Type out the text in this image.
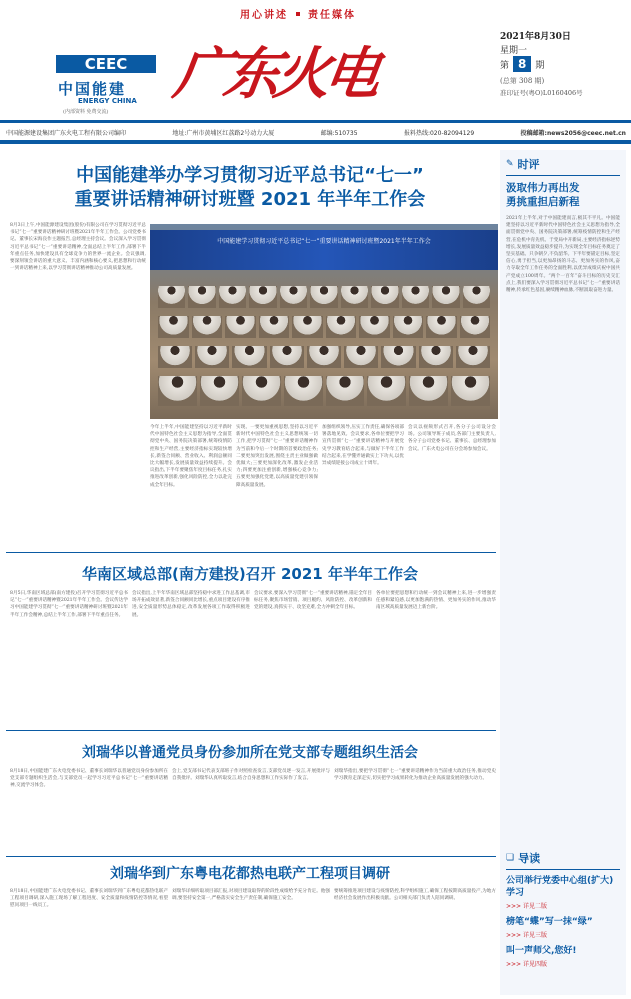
用心讲述 责任媒体
CEEC
中国能建
ENERGY CHINA
(内部资料 免费交流)
广东火电
2021年8月30日
星期一
第 8	期
(总第 308 期)
准印证号(粤O)L0160406号
中国能源建设集团广东火电工程有限公司编印	地址:广州市黄埔区红荔路2号动力大厦	邮编:510735	报料热线:020-82094129	投稿邮箱:news2056@ceec.net.cn
中国能建举办学习贯彻习近平总书记“七一”
重要讲话精神研讨班暨 2021 年半年工作会
8月3日上午,中国能源建设集团(股份)有限公司在学习贯彻习近平总书记“七一”重要讲话精神研讨班暨2021年半年工作会。公司党委书记、董事长宋海良作主题报告,总经理主持会议。会议深入学习贯彻习近平总书记“七一”重要讲话精神,全面总结上半年工作,部署下半年重点任务,加快建设具有全球竞争力的世界一流企业。会议强调,要深刻领会讲话的重大意义、丰富内涵和核心要义,把思想和行动统一到讲话精神上来,以学习贯彻讲话精神推动公司高质量发展。
中国能建学习贯彻习近平总书记“七一”重要讲话精神研讨班暨2021年半年工作会
今年上半年,中国能建坚持以习近平新时代中国特色社会主义思想为指导,全面贯彻党中央、国务院决策部署,统筹疫情防控和生产经营,主要经济指标实现较快增长,新签合同额、营业收入、利润总额同比大幅增长,发展质量效益持续提升。会议指出,下半年要聚焦年度目标任务,扎实推进改革创新,强化风险防控,全力以赴完成全年目标。
实现、一要更加重视思想,坚持以习近平新时代中国特色社会主义思想统领一切工作,把学习贯彻“七一”重要讲话精神作为当前和今后一个时期的首要政治任务;二要更加突出发展,围绕主责主业做强做优做大;三要更加深化改革,激发企业活力;四要更加注重创新,增强核心竞争力;五要更加强化党建,以高质量党建引领保障高质量发展。
加强组织领导,压实工作责任,确保各项部署落地见效。会议要求,各单位要把学习宣传贯彻“七一”重要讲话精神与开展党史学习教育结合起来,与做好下半年工作结合起来,在学懂弄通做实上下功夫,以优异成绩迎接公司成立十周年。
会议以视频形式召开,各分子公司设分会场。公司领导班子成员,各部门主要负责人,各分子公司党委书记、董事长、总经理参加会议。广东火电公司在分会场参加会议。
华南区域总部(南方建投)召开 2021 年半年工作会
8月5日,华南区域总部(南方建投)召开学习贯彻习近平总书记“七一”重要讲话精神暨2021年半年工作会。会议传达学习中国能建学习贯彻“七一”重要讲话精神研讨班暨2021年半年工作会精神,总结上半年工作,部署下半年重点任务。
会议指出,上半年华南区域总部坚持稳中求进工作总基调,市场开拓成效显著,新签合同额同比增长,重点项目建设有序推进,安全质量形势总体稳定,改革发展各项工作取得积极进展。
会议要求,要深入学习贯彻“七一”重要讲话精神,锚定全年目标任务,聚焦市场营销、项目履约、风险防控、改革创新和党的建设,真抓实干、攻坚克难,全力冲刺全年目标。
各单位要把思想和行动统一到会议精神上来,进一步增强责任感和紧迫感,以更加饱满的热情、更加务实的作风,推动华南区域高质量发展迈上新台阶。
刘瑞华以普通党员身份参加所在党支部专题组织生活会
8月18日,中国能建广东火电党委书记、董事长刘瑞华以普通党员身份参加所在党支部专题组织生活会,与支部党员一起学习习近平总书记“七一”重要讲话精神,交流学习体会。
会上,党支部书记代表支部班子作对照检查发言,支部党员逐一发言,开展批评与自我批评。刘瑞华认真听取发言,结合自身思想和工作实际作了发言。
刘瑞华指出,要把学习贯彻“七一”重要讲话精神作为当前重大政治任务,推动党史学习教育走深走实,切实把学习成果转化为推动企业高质量发展的强大动力。
刘瑞华到广东粤电花都热电联产工程项目调研
8月18日,中国能建广东火电党委书记、董事长刘瑞华到广东粤电花都热电联产工程项目调研,深入施工现场了解工程进度、安全质量和疫情防控等情况,看望慰问项目一线员工。
刘瑞华详细听取项目部汇报,对项目建设取得的阶段性成绩给予充分肯定。他强调,要坚持安全第一,严格落实安全生产责任制,确保施工安全。
要统筹推进项目建设与疫情防控,科学组织施工,确保工程按期高质量投产,为地方经济社会发展作出积极贡献。公司相关部门负责人陪同调研。
✎ 时评
汲取伟力再出发
勇挑重担启新程
2021年上半年,对于中国能建而言,极其不平凡。中国能建坚持以习近平新时代中国特色社会主义思想为指导,全面贯彻党中央、国务院决策部署,统筹疫情防控和生产经营,在危机中育先机、于变局中开新局,主要经济指标逆势增长,发展质量效益稳步提升,为实现全年目标任务奠定了坚实基础。只争朝夕,不负韶华。下半年要锚定目标,坚定信心,勇于担当,以更加昂扬的斗志、更加务实的作风,奋力夺取全年工作任务的全面胜利,以优异成绩庆祝中国共产党成立100周年。“两个一百年”奋斗目标的历史交汇点上,我们要深入学习贯彻习近平总书记“七一”重要讲话精神,传承红色基因,赓续精神血脉,不断汲取奋进力量。
❏ 导读
公司举行党委中心组(扩大)学习
>>> 详见二版
榜笔“蝶”写一抹“绿”
>>> 详见三版
叫一声师父,您好!
>>> 详见四版
